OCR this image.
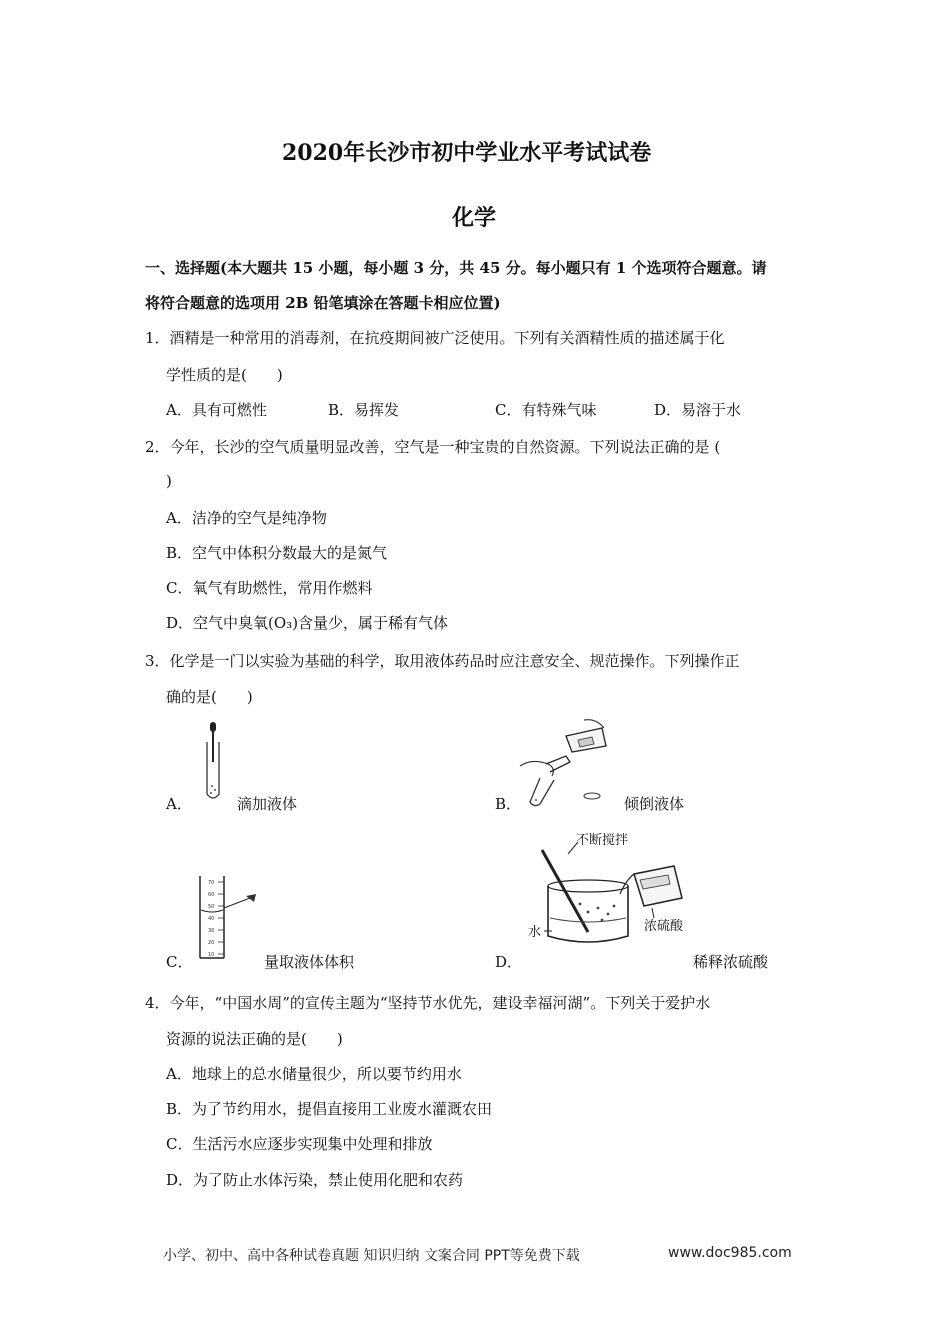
2020年长沙市初中学业水平考试试卷
化学
一、选择题(本大题共 15 小题，每小题 3 分，共 45 分。每小题只有 1 个选项符合题意。请
将符合题意的选项用 2B 铅笔填涂在答题卡相应位置)
1．酒精是一种常用的消毒剂，在抗疫期间被广泛使用。下列有关酒精性质的描述属于化
学性质的是(　　)
A．具有可燃性	B．易挥发	C．有特殊气味	D．易溶于水
2．今年，长沙的空气质量明显改善，空气是一种宝贵的自然资源。下列说法正确的是 (
)
A．洁净的空气是纯净物
B．空气中体积分数最大的是氮气
C．氧气有助燃性，常用作燃料
D．空气中臭氧(O₃)含量少，属于稀有气体
3．化学是一门以实验为基础的科学，取用液体药品时应注意安全、规范操作。下列操作正
确的是(　　)
A．	滴加液体	B．	倾倒液体
70
60
50
40
30
20
10
C．	量取液体体积
不断搅拌
水	浓硫酸
D．	稀释浓硫酸
4．今年，“中国水周”的宣传主题为“坚持节水优先，建设幸福河湖”。下列关于爱护水
资源的说法正确的是(　　)
A．地球上的总水储量很少，所以要节约用水
B．为了节约用水，提倡直接用工业废水灌溉农田
C．生活污水应逐步实现集中处理和排放
D．为了防止水体污染，禁止使用化肥和农药
小学、初中、高中各种试卷真题 知识归纳 文案合同 PPT等免费下载	www.doc985.com
